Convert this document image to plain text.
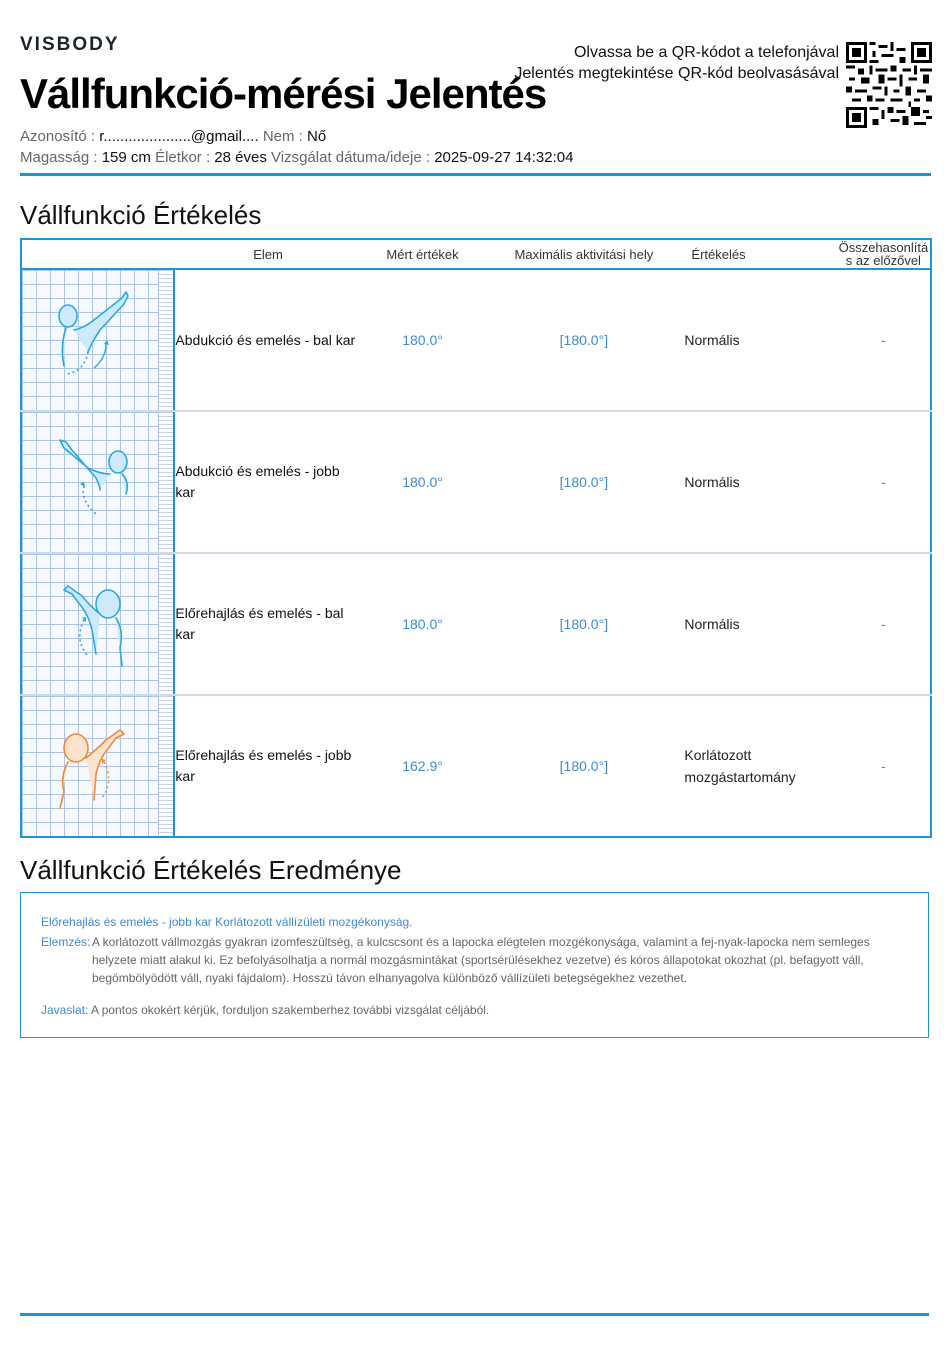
VISBODY
Vállfunkció-mérési Jelentés
Olvassa be a QR-kódot a telefonjával
Jelentés megtekintése QR-kód beolvasásával
Azonosító : r.....................@gmail.... Nem : Nő
Magasság : 159 cm Életkor : 28 éves Vizsgálat dátuma/ideje : 2025-09-27 14:32:04
Vállfunkció Értékelés
	Elem	Mért értékek	Maximális aktivitási hely	Értékelés	Összehasonlítás az előzővel

	Abdukció és emelés - bal kar	180.0°	[180.0°]	Normális	-

	Abdukció és emelés - jobb kar	180.0°	[180.0°]	Normális	-

	Előrehajlás és emelés - bal kar	180.0°	[180.0°]	Normális	-

	Előrehajlás és emelés - jobb kar	162.9°	[180.0°]	Korlátozott mozgástartomány	-
Vállfunkció Értékelés Eredménye
Előrehajlás és emelés - jobb kar Korlátozott vállízületi mozgékonyság.
Elemzés: A korlátozott vállmozgás gyakran izomfeszültség, a kulcscsont és a lapocka elégtelen mozgékonysága, valamint a fej-nyak-lapocka nem semleges helyzete miatt alakul ki. Ez befolyásolhatja a normál mozgásmintákat (sportsérülésekhez vezetve) és kóros állapotokat okozhat (pl. befagyott váll, begömbölyödött váll, nyaki fájdalom). Hosszú távon elhanyagolva különböző vállízületi betegségekhez vezethet.
Javaslat: A pontos okokért kérjük, forduljon szakemberhez további vizsgálat céljából.
